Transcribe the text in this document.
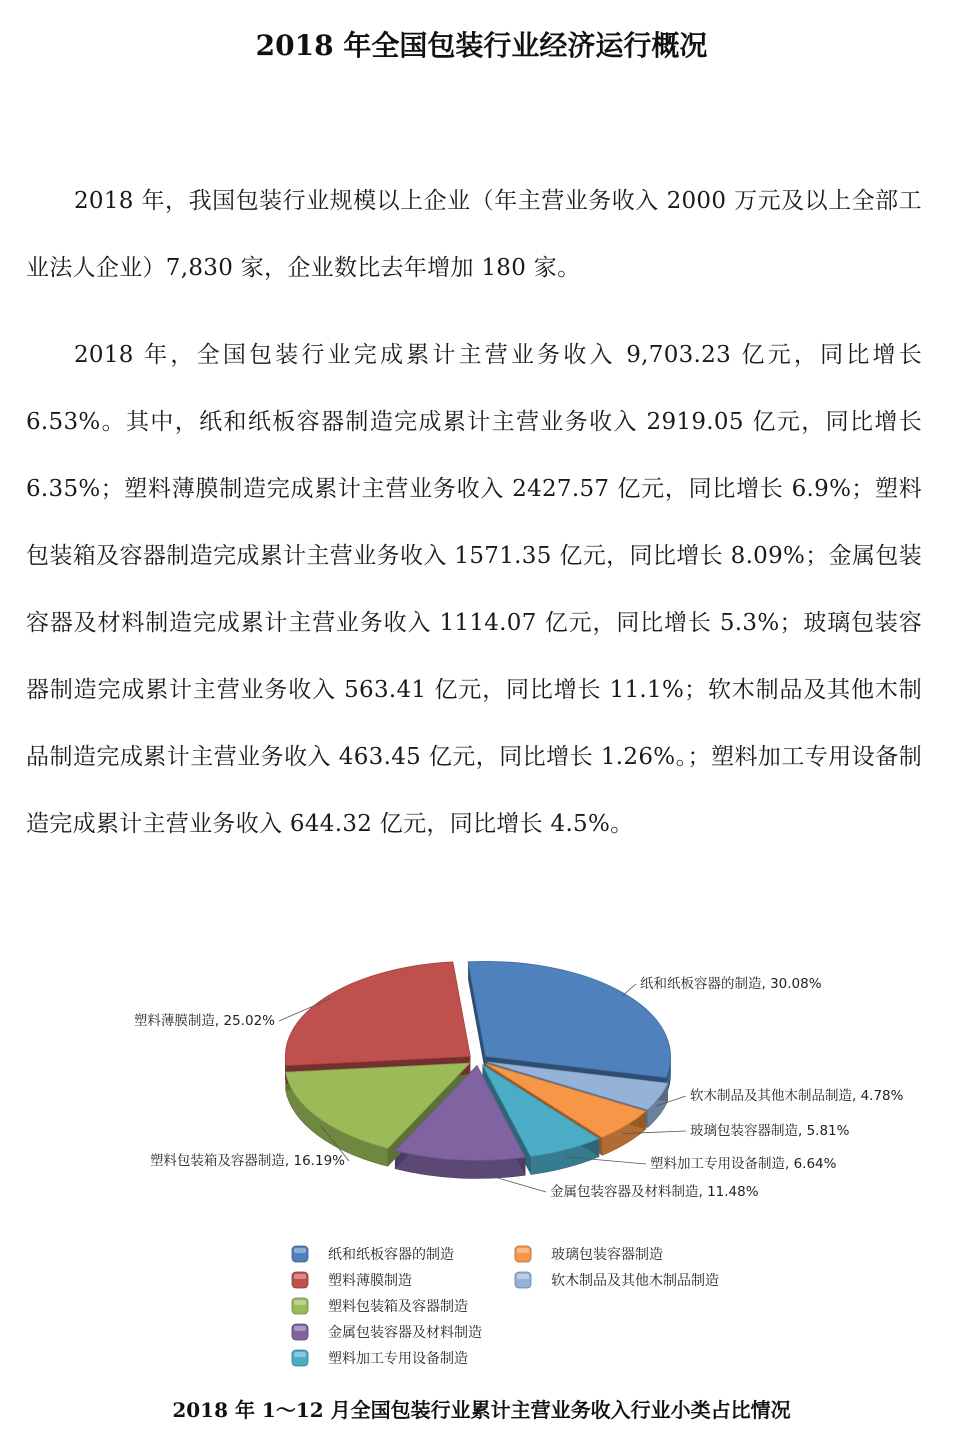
2018 年全国包装行业经济运行概况

2018 年，我国包装行业规模以上企业（年主营业务收入 2000 万元及以上全部工业法人企业）7,830 家，企业数比去年增加 180 家。

2018 年，全国包装行业完成累计主营业务收入 9,703.23 亿元，同比增长 6.53%。其中，纸和纸板容器制造完成累计主营业务收入 2919.05 亿元，同比增长 6.35%；塑料薄膜制造完成累计主营业务收入 2427.57 亿元，同比增长 6.9%；塑料包装箱及容器制造完成累计主营业务收入 1571.35 亿元，同比增长 8.09%；金属包装容器及材料制造完成累计主营业务收入 1114.07 亿元，同比增长 5.3%；玻璃包装容器制造完成累计主营业务收入 563.41 亿元，同比增长 11.1%；软木制品及其他木制品制造完成累计主营业务收入 463.45 亿元，同比增长 1.26%。；塑料加工专用设备制造完成累计主营业务收入 644.32 亿元，同比增长 4.5%。

纸和纸板容器的制造, 30.08%
软木制品及其他木制品制造, 4.78%
玻璃包装容器制造, 5.81%
塑料加工专用设备制造, 6.64%
金属包装容器及材料制造, 11.48%
塑料包装箱及容器制造, 16.19%
塑料薄膜制造, 25.02%
纸和纸板容器的制造
塑料薄膜制造
塑料包装箱及容器制造
金属包装容器及材料制造
塑料加工专用设备制造
玻璃包装容器制造
软木制品及其他木制品制造
2018 年 1～12 月全国包装行业累计主营业务收入行业小类占比情况
